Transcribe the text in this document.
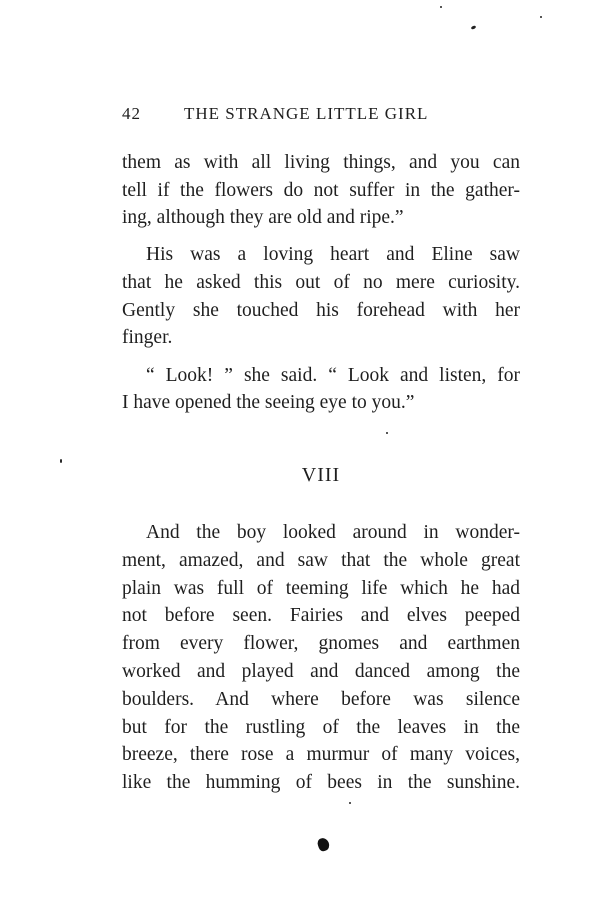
42	THE STRANGE LITTLE GIRL
them as with all living things, and you can
tell if the flowers do not suffer in the gather-
ing, although they are old and ripe.”
His was a loving heart and Eline saw
that he asked this out of no mere curiosity.
Gently she touched his forehead with her
finger.
“ Look! ” she said. “ Look and listen, for
I have opened the seeing eye to you.”
VIII
And the boy looked around in wonder-
ment, amazed, and saw that the whole great
plain was full of teeming life which he had
not before seen. Fairies and elves peeped
from every flower, gnomes and earthmen
worked and played and danced among the
boulders. And where before was silence
but for the rustling of the leaves in the
breeze, there rose a murmur of many voices,
like the humming of bees in the sunshine.
